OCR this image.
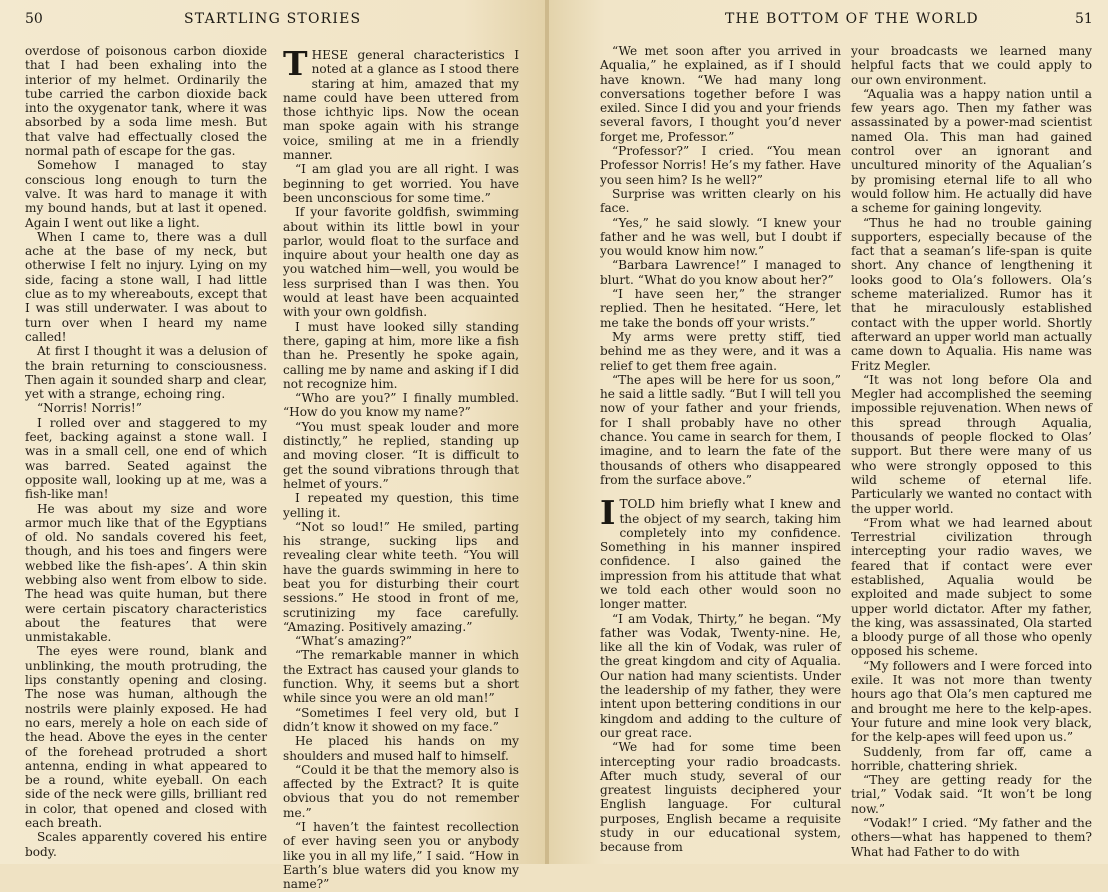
50	STARTLING STORIES

overdose of poisonous carbon dioxide that I had been exhaling into the interior of my helmet. Ordinarily the tube carried the carbon dioxide back into the oxygenator tank, where it was absorbed by a soda lime mesh. But that valve had effectually closed the normal path of escape for the gas.

Somehow I managed to stay conscious long enough to turn the valve. It was hard to manage it with my bound hands, but at last it opened. Again I went out like a light.

When I came to, there was a dull ache at the base of my neck, but otherwise I felt no injury. Lying on my side, facing a stone wall, I had little clue as to my whereabouts, except that I was still underwater. I was about to turn over when I heard my name called!

At first I thought it was a delusion of the brain returning to consciousness. Then again it sounded sharp and clear, yet with a strange, echoing ring.

“Norris! Norris!”

I rolled over and staggered to my feet, backing against a stone wall. I was in a small cell, one end of which was barred. Seated against the opposite wall, looking up at me, was a fish-like man!

He was about my size and wore armor much like that of the Egyptians of old. No sandals covered his feet, though, and his toes and fingers were webbed like the fish-apes’. A thin skin webbing also went from elbow to side. The head was quite human, but there were certain piscatory characteristics about the features that were unmistakable.

The eyes were round, blank and unblinking, the mouth protruding, the lips constantly opening and closing. The nose was human, although the nostrils were plainly exposed. He had no ears, merely a hole on each side of the head. Above the eyes in the center of the forehead protruded a short antenna, ending in what appeared to be a round, white eyeball. On each side of the neck were gills, brilliant red in color, that opened and closed with each breath.

Scales apparently covered his entire body.

THESE general characteristics I noted at a glance as I stood there staring at him, amazed that my name could have been uttered from those ichthyic lips. Now the ocean man spoke again with his strange voice, smiling at me in a friendly manner.

“I am glad you are all right. I was beginning to get worried. You have been unconscious for some time.”

If your favorite goldfish, swimming about within its little bowl in your parlor, would float to the surface and inquire about your health one day as you watched him—well, you would be less surprised than I was then. You would at least have been acquainted with your own goldfish.

I must have looked silly standing there, gaping at him, more like a fish than he. Presently he spoke again, calling me by name and asking if I did not recognize him.

“Who are you?” I finally mumbled. “How do you know my name?”

“You must speak louder and more distinctly,” he replied, standing up and moving closer. “It is difficult to get the sound vibrations through that helmet of yours.”

I repeated my question, this time yelling it.

“Not so loud!” He smiled, parting his strange, sucking lips and revealing clear white teeth. “You will have the guards swimming in here to beat you for disturbing their court sessions.” He stood in front of me, scrutinizing my face carefully. “Amazing. Positively amazing.”

“What’s amazing?”

“The remarkable manner in which the Extract has caused your glands to function. Why, it seems but a short while since you were an old man!”

“Sometimes I feel very old, but I didn’t know it showed on my face.”

He placed his hands on my shoulders and mused half to himself.

“Could it be that the memory also is affected by the Extract? It is quite obvious that you do not remember me.”

“I haven’t the faintest recollection of ever having seen you or anybody like you in all my life,” I said. “How in Earth’s blue waters did you know my name?”

THE BOTTOM OF THE WORLD	51

“We met soon after you arrived in Aqualia,” he explained, as if I should have known. “We had many long conversations together before I was exiled. Since I did you and your friends several favors, I thought you’d never forget me, Professor.”

“Professor?” I cried. “You mean Professor Norris! He’s my father. Have you seen him? Is he well?”

Surprise was written clearly on his face.

“Yes,” he said slowly. “I knew your father and he was well, but I doubt if you would know him now.”

“Barbara Lawrence!” I managed to blurt. “What do you know about her?”

“I have seen her,” the stranger replied. Then he hesitated. “Here, let me take the bonds off your wrists.”

My arms were pretty stiff, tied behind me as they were, and it was a relief to get them free again.

“The apes will be here for us soon,” he said a little sadly. “But I will tell you now of your father and your friends, for I shall probably have no other chance. You came in search for them, I imagine, and to learn the fate of the thousands of others who disappeared from the surface above.”

ITOLD him briefly what I knew and the object of my search, taking him completely into my confidence. Something in his manner inspired confidence. I also gained the impression from his attitude that what we told each other would soon no longer matter.

“I am Vodak, Thirty,” he began. “My father was Vodak, Twenty-nine. He, like all the kin of Vodak, was ruler of the great kingdom and city of Aqualia. Our nation had many scientists. Under the leadership of my father, they were intent upon bettering conditions in our kingdom and adding to the culture of our great race.

“We had for some time been intercepting your radio broadcasts. After much study, several of our greatest linguists deciphered your English language. For cultural purposes, English became a requisite study in our educational system, because from

your broadcasts we learned many helpful facts that we could apply to our own environment.

“Aqualia was a happy nation until a few years ago. Then my father was assassinated by a power-mad scientist named Ola. This man had gained control over an ignorant and uncultured minority of the Aqualian’s by promising eternal life to all who would follow him. He actually did have a scheme for gaining longevity.

“Thus he had no trouble gaining supporters, especially because of the fact that a seaman’s life-span is quite short. Any chance of lengthening it looks good to Ola’s followers. Ola’s scheme materialized. Rumor has it that he miraculously established contact with the upper world. Shortly afterward an upper world man actually came down to Aqualia. His name was Fritz Megler.

“It was not long before Ola and Megler had accomplished the seeming impossible rejuvenation. When news of this spread through Aqualia, thousands of people flocked to Olas’ support. But there were many of us who were strongly opposed to this wild scheme of eternal life. Particularly we wanted no contact with the upper world.

“From what we had learned about Terrestrial civilization through intercepting your radio waves, we feared that if contact were ever established, Aqualia would be exploited and made subject to some upper world dictator. After my father, the king, was assassinated, Ola started a bloody purge of all those who openly opposed his scheme.

“My followers and I were forced into exile. It was not more than twenty hours ago that Ola’s men captured me and brought me here to the kelp-apes. Your future and mine look very black, for the kelp-apes will feed upon us.”

Suddenly, from far off, came a horrible, chattering shriek.

“They are getting ready for the trial,” Vodak said. “It won’t be long now.”

“Vodak!” I cried. “My father and the others—what has happened to them? What had Father to do with
